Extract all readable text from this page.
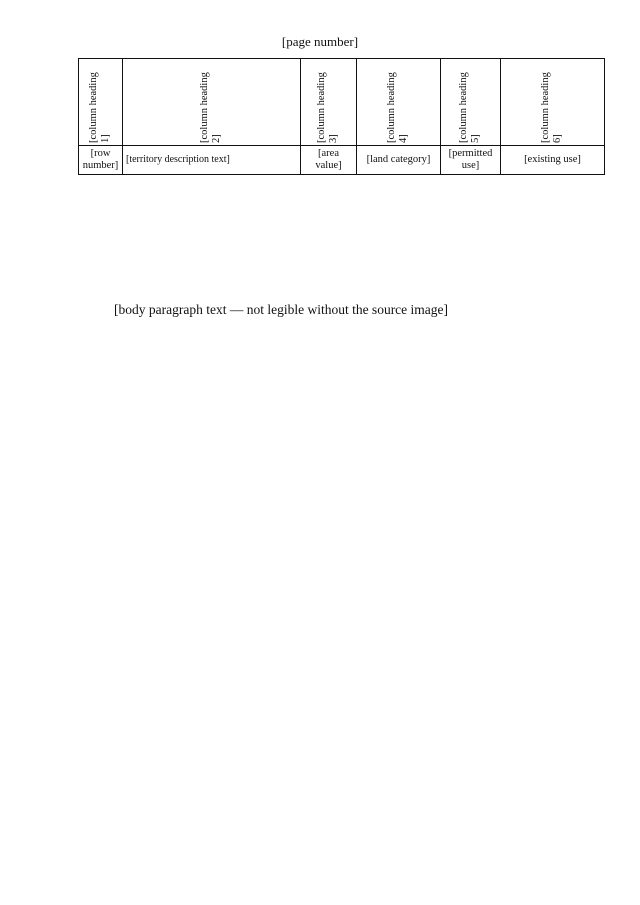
[page number]
[column heading 1]	[column heading 2]	[column heading 3]	[column heading 4]	[column heading 5]	[column heading 6]

[row number]	[territory description text]	[area value]	[land category]	[permitted use]	[existing use]

[body paragraph text — not legible without the source image]
